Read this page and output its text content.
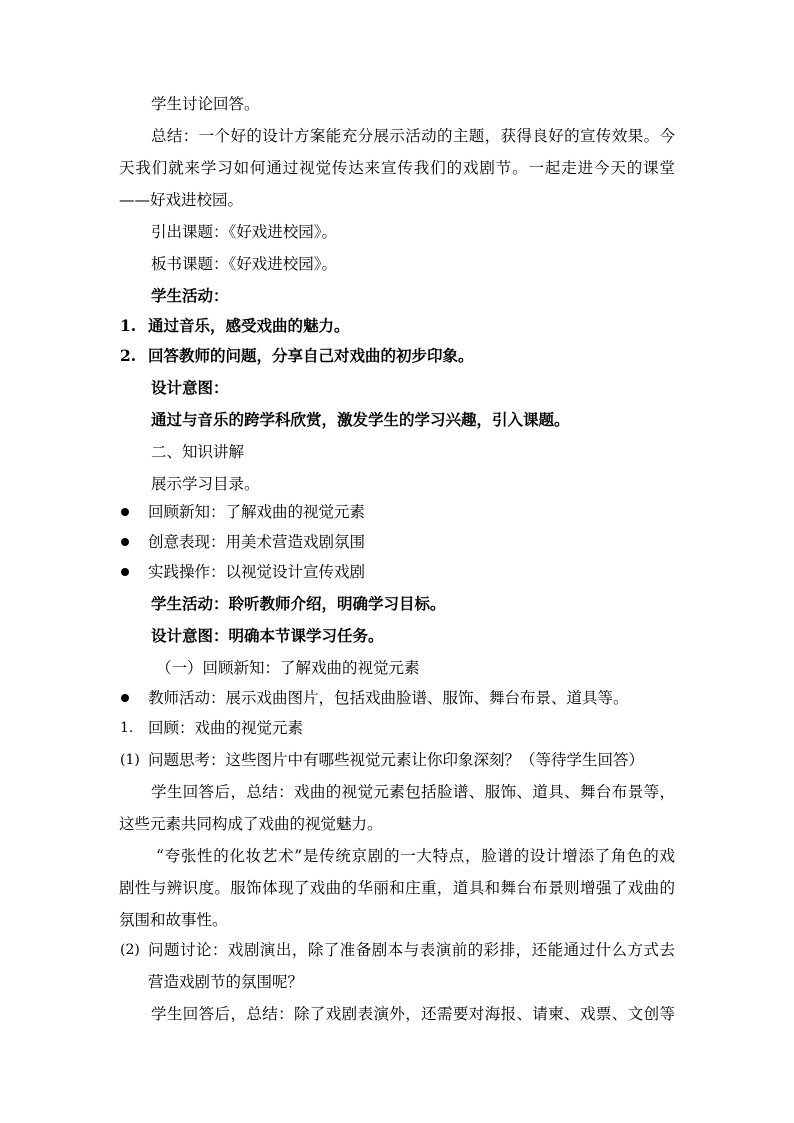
学生讨论回答。
总结：一个好的设计方案能充分展示活动的主题，获得良好的宣传效果。今
天我们就来学习如何通过视觉传达来宣传我们的戏剧节。一起走进今天的课堂
——好戏进校园。
引出课题：《好戏进校园》。
板书课题：《好戏进校园》。
学生活动：
1. 通过音乐，感受戏曲的魅力。
2. 回答教师的问题，分享自己对戏曲的初步印象。
设计意图：
通过与音乐的跨学科欣赏，激发学生的学习兴趣，引入课题。
二、知识讲解
展示学习目录。
回顾新知：了解戏曲的视觉元素
创意表现：用美术营造戏剧氛围
实践操作：以视觉设计宣传戏剧
学生活动：聆听教师介绍，明确学习目标。
设计意图：明确本节课学习任务。
（一）回顾新知：了解戏曲的视觉元素
教师活动：展示戏曲图片，包括戏曲脸谱、服饰、舞台布景、道具等。
1. 回顾：戏曲的视觉元素
(1) 问题思考：这些图片中有哪些视觉元素让你印象深刻？（等待学生回答）
学生回答后，总结：戏曲的视觉元素包括脸谱、服饰、道具、舞台布景等，
这些元素共同构成了戏曲的视觉魅力。
“夸张性的化妆艺术”是传统京剧的一大特点，脸谱的设计增添了角色的戏
剧性与辨识度。服饰体现了戏曲的华丽和庄重，道具和舞台布景则增强了戏曲的
氛围和故事性。
(2) 问题讨论：戏剧演出，除了准备剧本与表演前的彩排，还能通过什么方式去
营造戏剧节的氛围呢？
学生回答后，总结：除了戏剧表演外，还需要对海报、请柬、戏票、文创等
